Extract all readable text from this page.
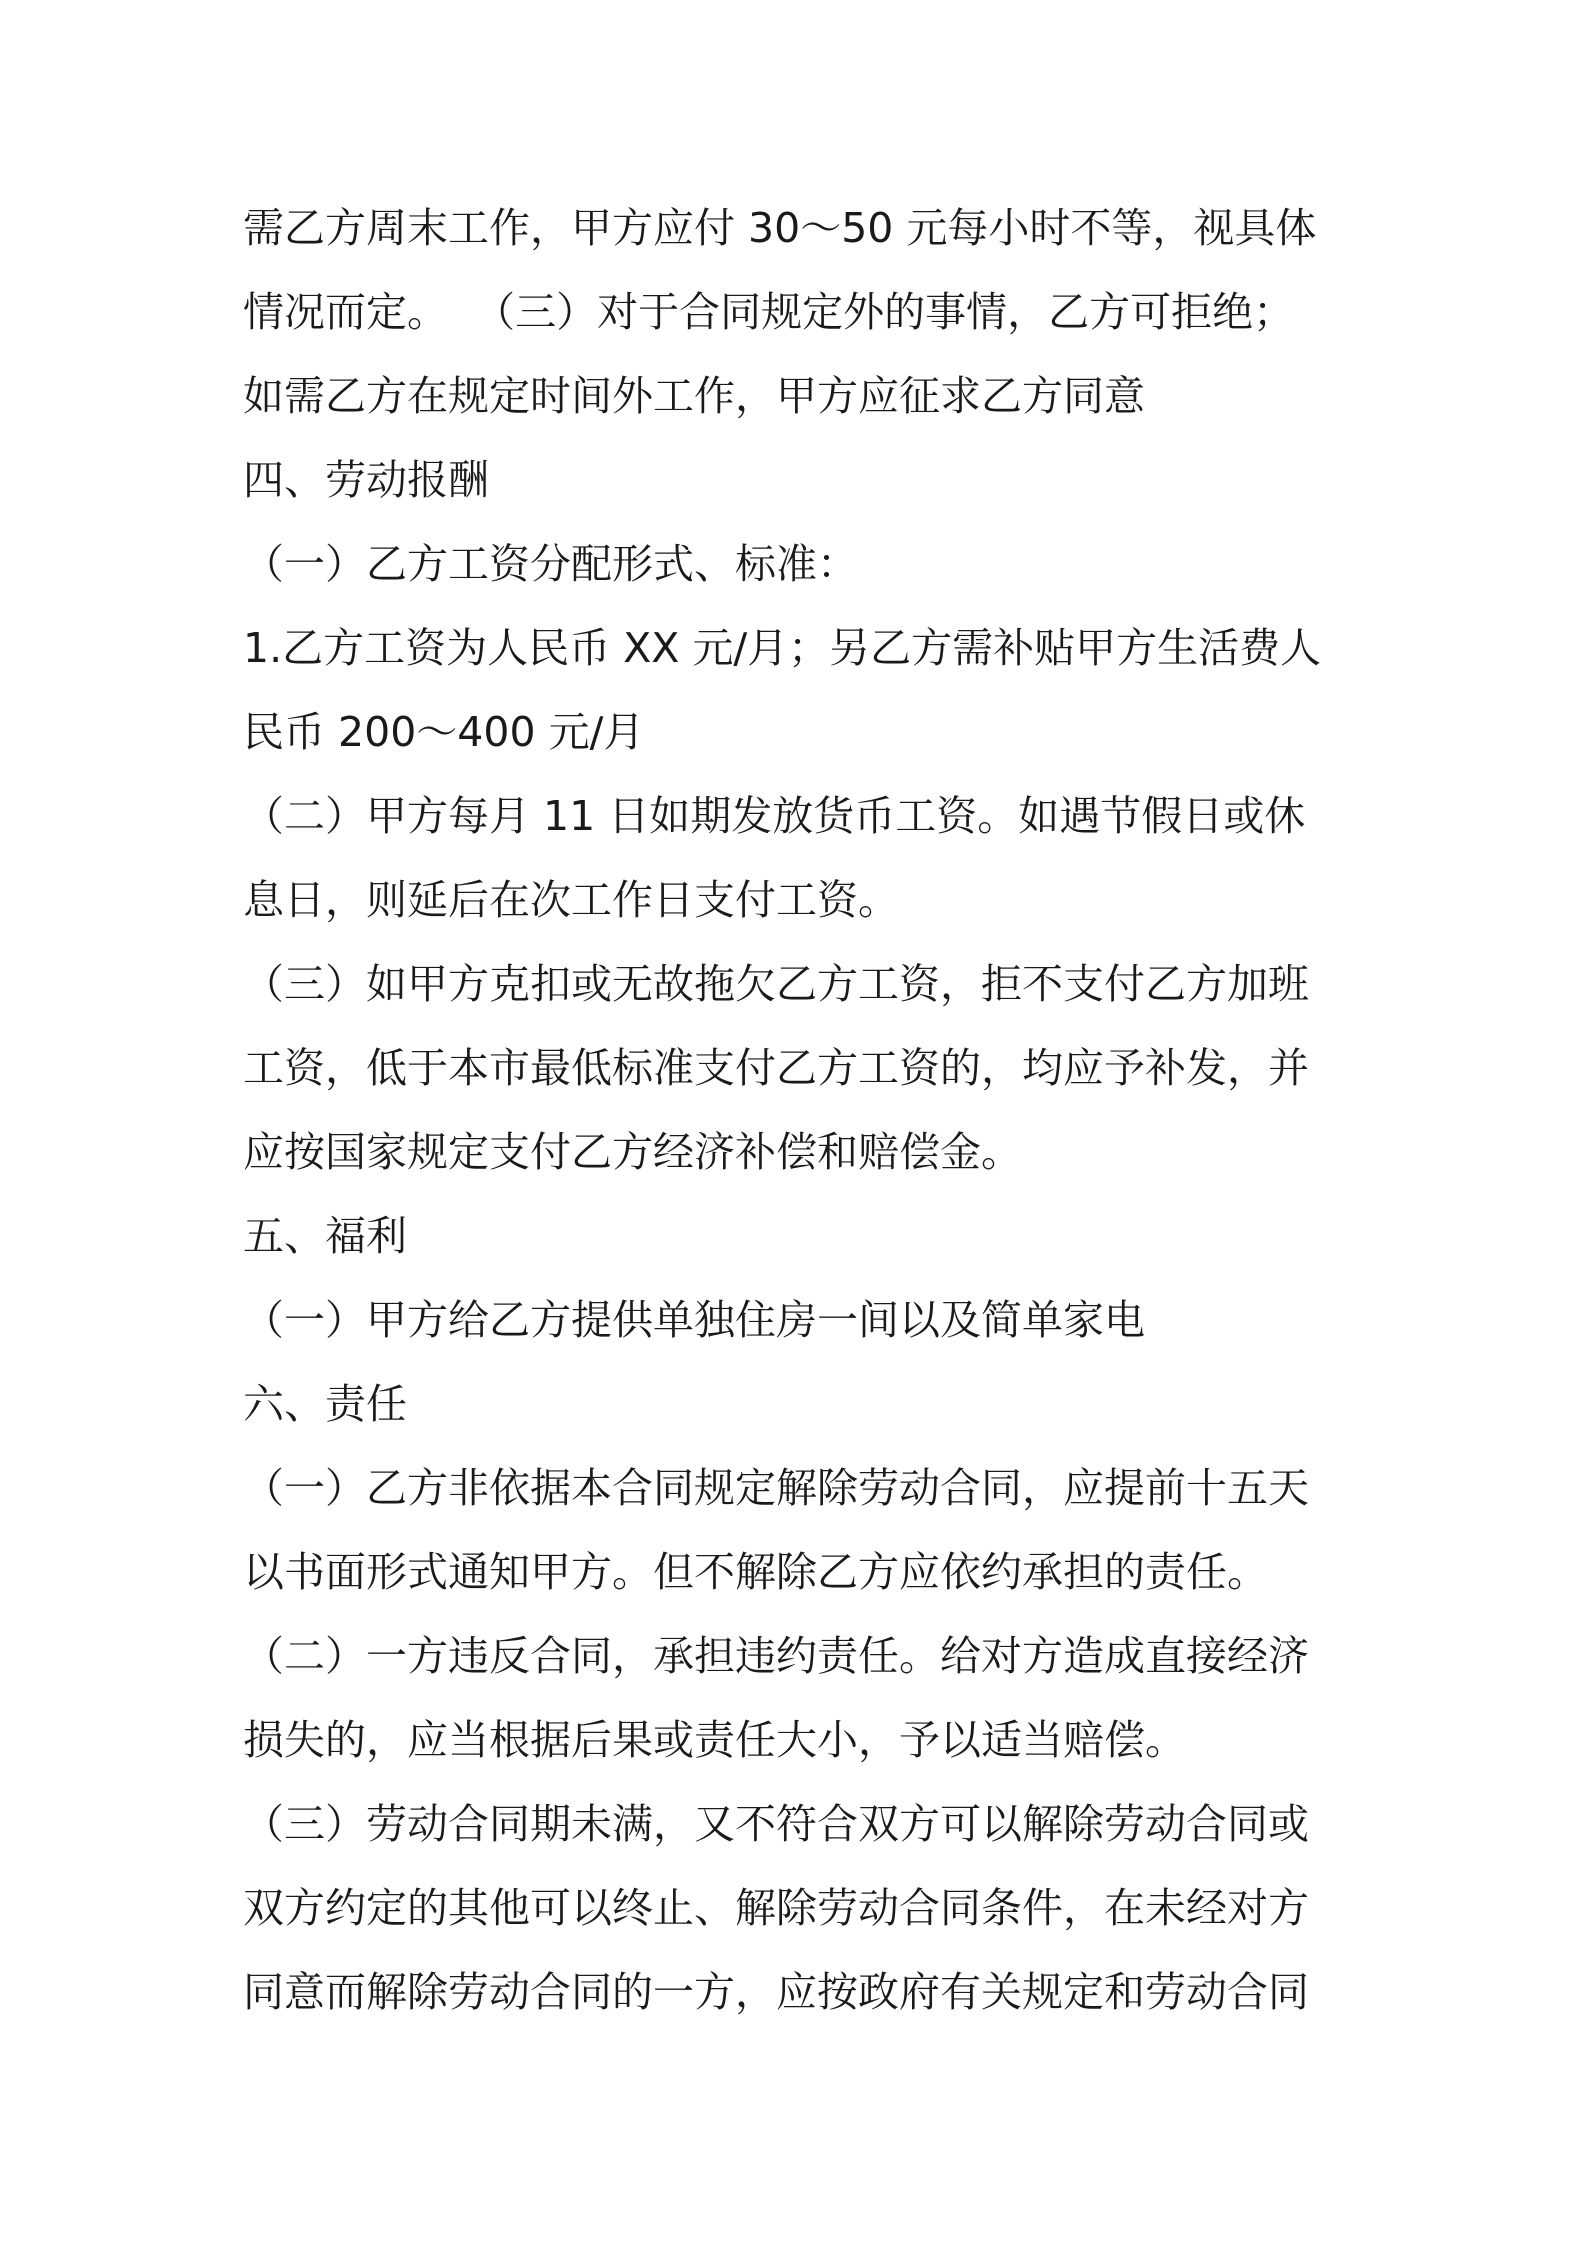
需乙方周末工作，甲方应付 30～50 元每小时不等，视具体
情况而定。  （三）对于合同规定外的事情，乙方可拒绝；
如需乙方在规定时间外工作，甲方应征求乙方同意
四、劳动报酬
（一）乙方工资分配形式、标准：
1.乙方工资为人民币 XX 元/月；另乙方需补贴甲方生活费人
民币 200～400 元/月
（二）甲方每月 11 日如期发放货币工资。如遇节假日或休
息日，则延后在次工作日支付工资。
（三）如甲方克扣或无故拖欠乙方工资，拒不支付乙方加班
工资，低于本市最低标准支付乙方工资的，均应予补发，并
应按国家规定支付乙方经济补偿和赔偿金。
五、福利
（一）甲方给乙方提供单独住房一间以及简单家电
六、责任
（一）乙方非依据本合同规定解除劳动合同，应提前十五天
以书面形式通知甲方。但不解除乙方应依约承担的责任。
（二）一方违反合同，承担违约责任。给对方造成直接经济
损失的，应当根据后果或责任大小，予以适当赔偿。
（三）劳动合同期未满，又不符合双方可以解除劳动合同或
双方约定的其他可以终止、解除劳动合同条件，在未经对方
同意而解除劳动合同的一方，应按政府有关规定和劳动合同
